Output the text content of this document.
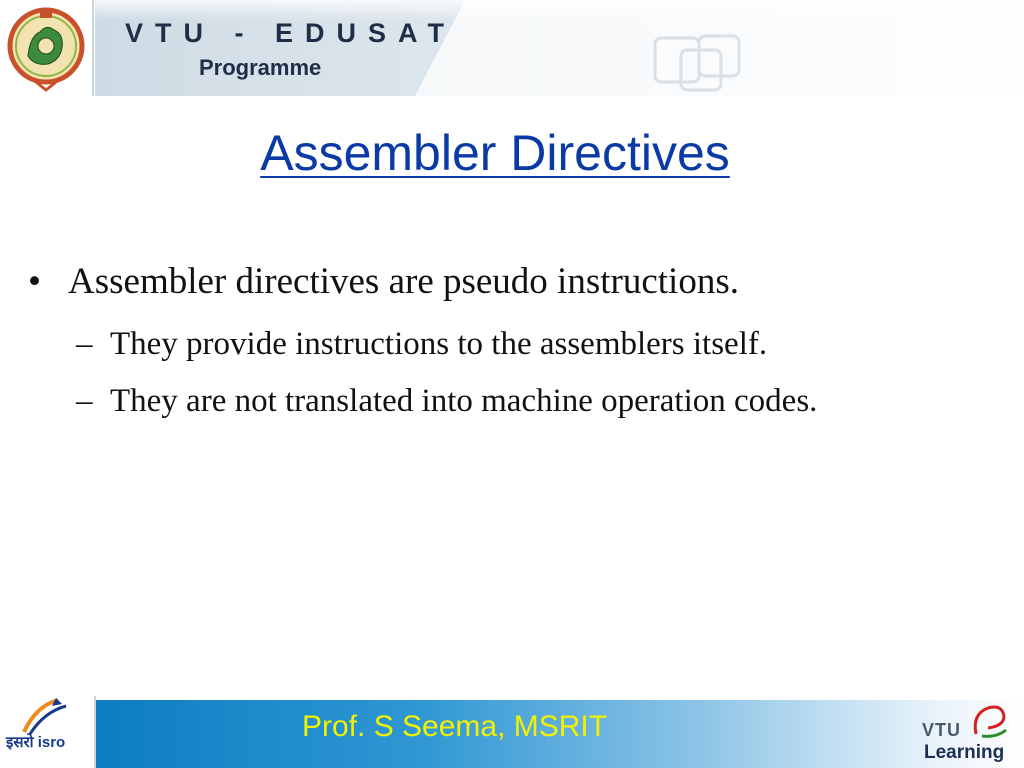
VTU - EDUSAT
Programme
Assembler Directives
• Assembler directives are pseudo instructions.
– They provide instructions to the assemblers itself.
– They are not translated into machine operation codes.
इसरो isro	Prof. S Seema, MSRIT	VTU
Learning
